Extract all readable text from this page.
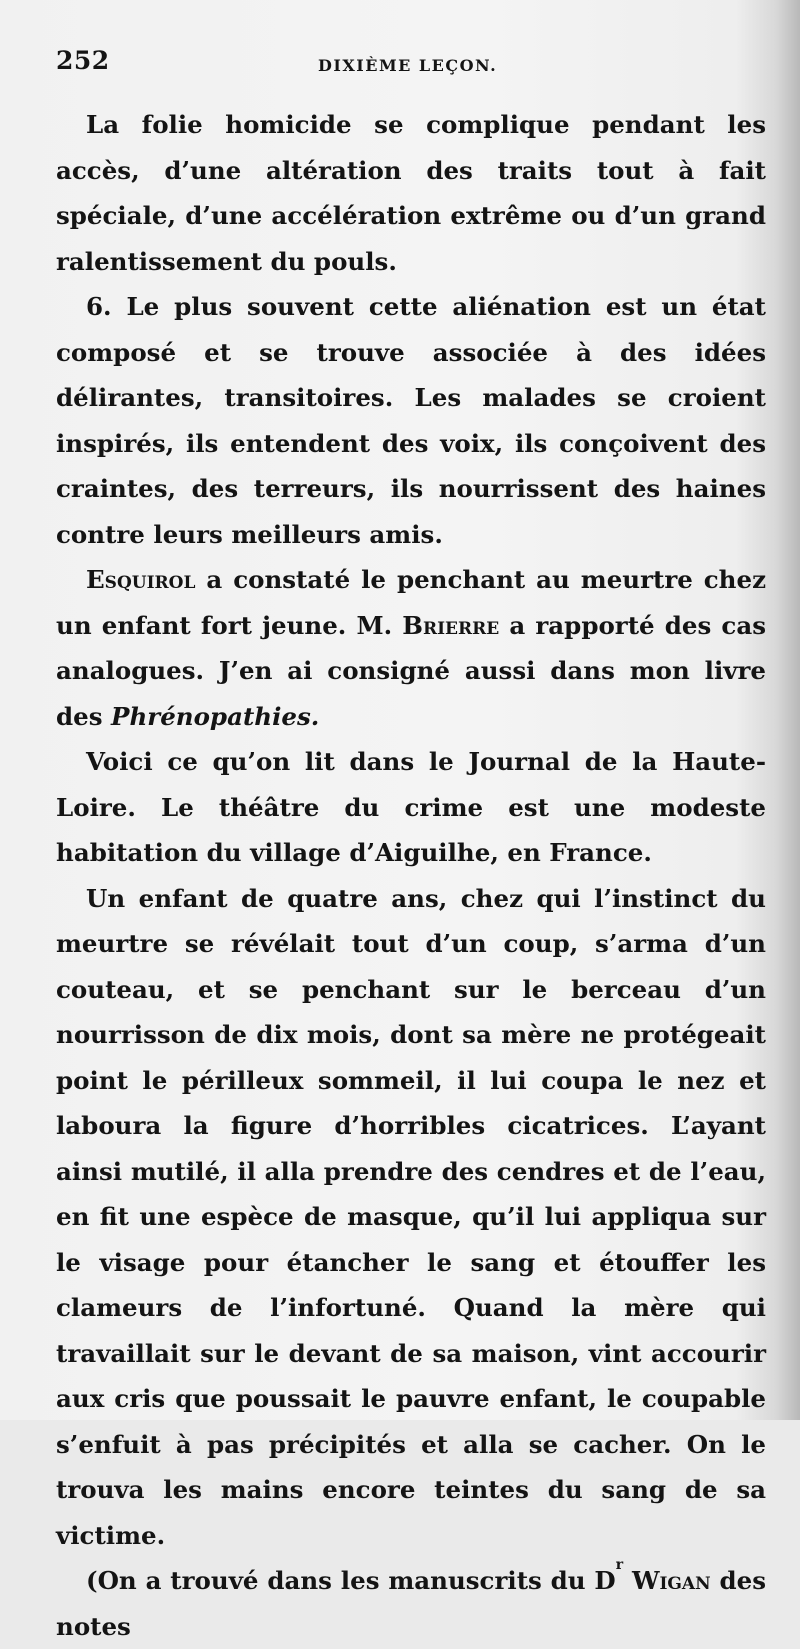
252	DIXIÈME LEÇON.

La folie homicide se complique pendant les accès, d’une altération des traits tout à fait spéciale, d’une accélération extrême ou d’un grand ralentissement du pouls.

6. Le plus souvent cette aliénation est un état composé et se trouve associée à des idées délirantes, transitoires. Les malades se croient inspirés, ils entendent des voix, ils conçoivent des craintes, des terreurs, ils nourrissent des haines contre leurs meilleurs amis.

Esquirol a constaté le penchant au meurtre chez un enfant fort jeune. M. Brierre a rapporté des cas analogues. J’en ai consigné aussi dans mon livre des Phrénopathies.

Voici ce qu’on lit dans le Journal de la Haute-Loire. Le théâtre du crime est une modeste habitation du village d’Aiguilhe, en France.

Un enfant de quatre ans, chez qui l’instinct du meurtre se révélait tout d’un coup, s’arma d’un couteau, et se penchant sur le berceau d’un nourrisson de dix mois, dont sa mère ne protégeait point le périlleux sommeil, il lui coupa le nez et laboura la figure d’horribles cicatrices. L’ayant ainsi mutilé, il alla prendre des cendres et de l’eau, en fit une espèce de masque, qu’il lui appliqua sur le visage pour étancher le sang et étouffer les clameurs de l’infortuné. Quand la mère qui travaillait sur le devant de sa maison, vint accourir aux cris que poussait le pauvre enfant, le coupable s’enfuit à pas précipités et alla se cacher. On le trouva les mains encore teintes du sang de sa victime.

(On a trouvé dans les manuscrits du $D^r$ Wigan des notes
